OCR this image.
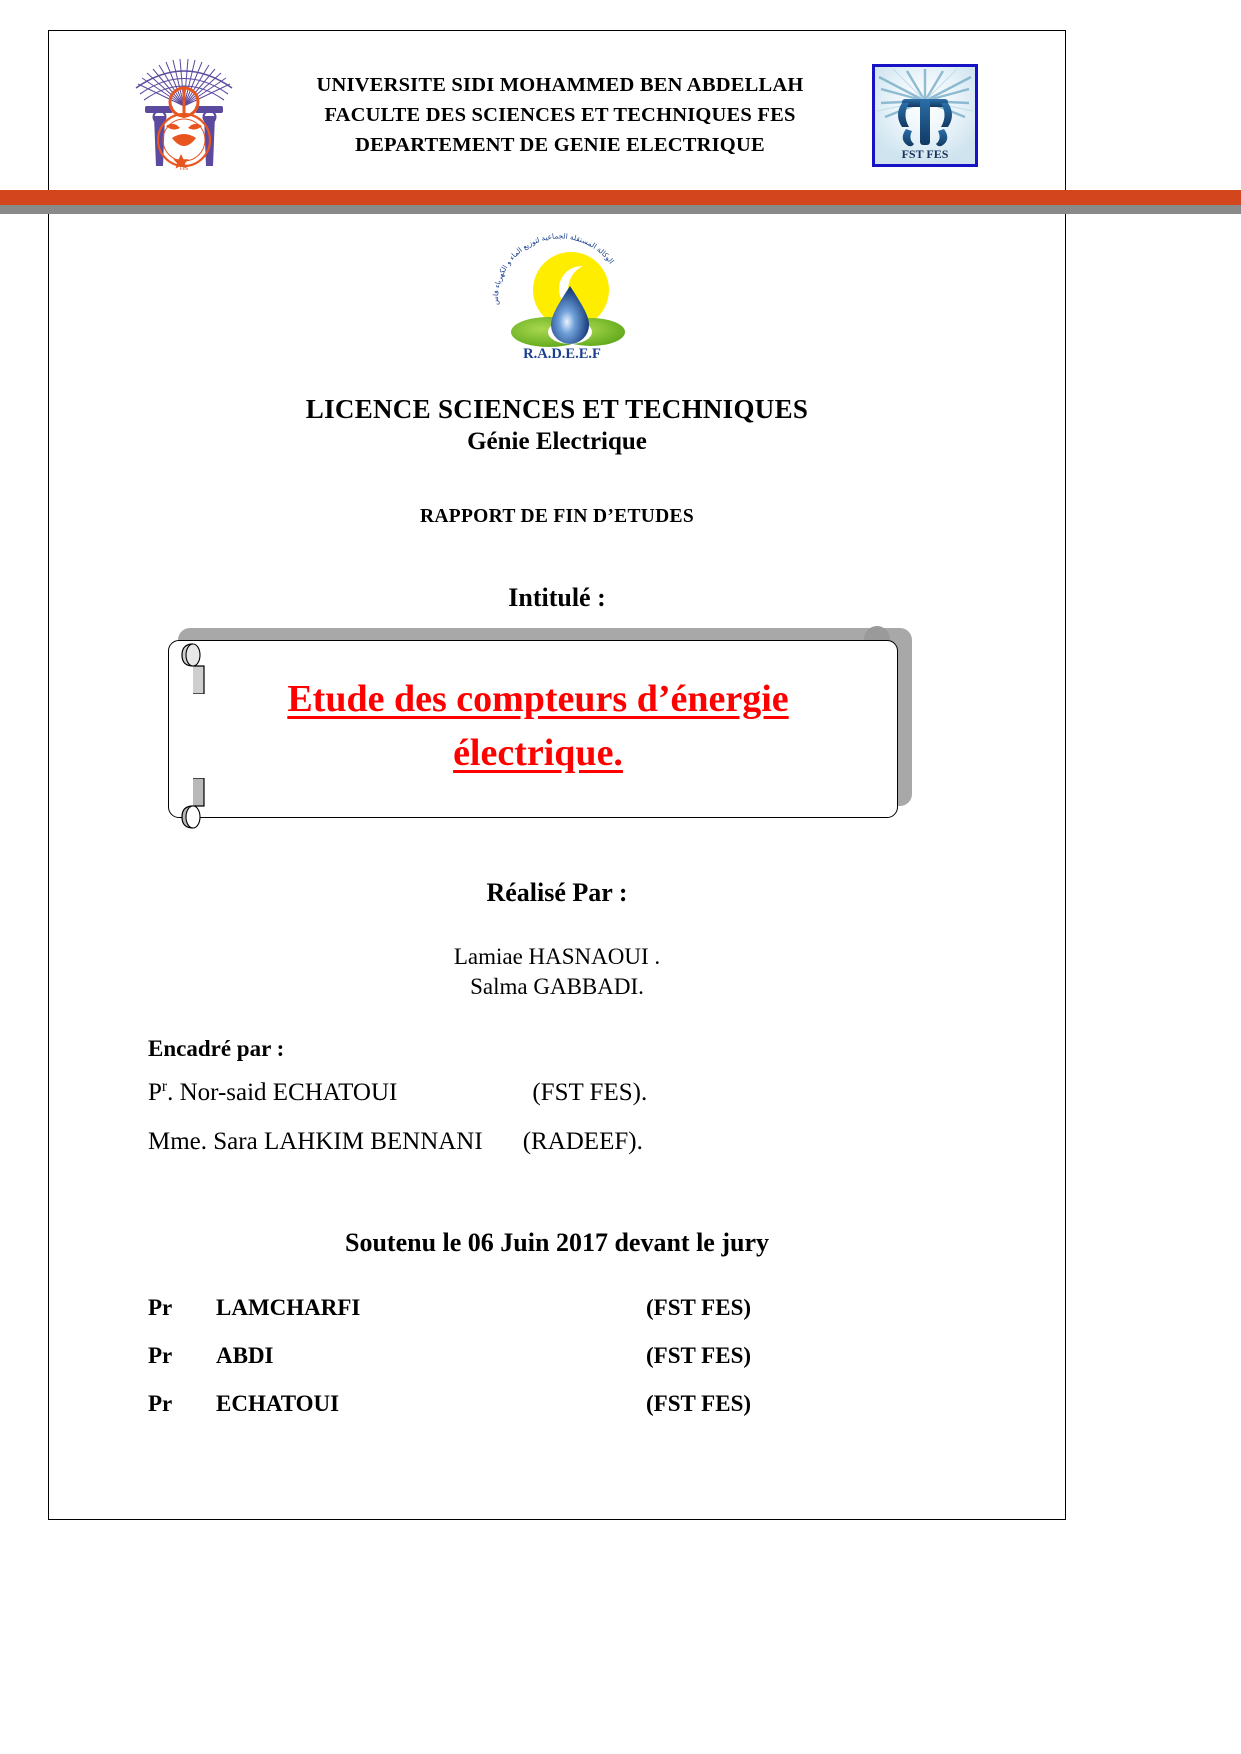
FES
UNIVERSITE SIDI MOHAMMED BEN ABDELLAH
FACULTE DES SCIENCES ET TECHNIQUES FES
DEPARTEMENT DE GENIE ELECTRIQUE	FST FES
الوكالة المستقلة الجماعية لتوزيع الماء و الكهرباء فاس
R.A.D.E.E.F
LICENCE SCIENCES ET TECHNIQUES
Génie Electrique
RAPPORT DE FIN D’ETUDES
Intitulé :
Etude des compteurs d’énergie
électrique.
Réalisé Par :
Lamiae HASNAOUI .
Salma GABBADI.
Encadré par :
$P^r$. Nor-said ECHATOUI	(FST FES).
Mme. Sara LAHKIM BENNANI (RADEEF).
Soutenu le 06 Juin 2017 devant le jury
Pr	LAMCHARFI	(FST FES)
Pr	ABDI	(FST FES)
Pr	ECHATOUI	(FST FES)
